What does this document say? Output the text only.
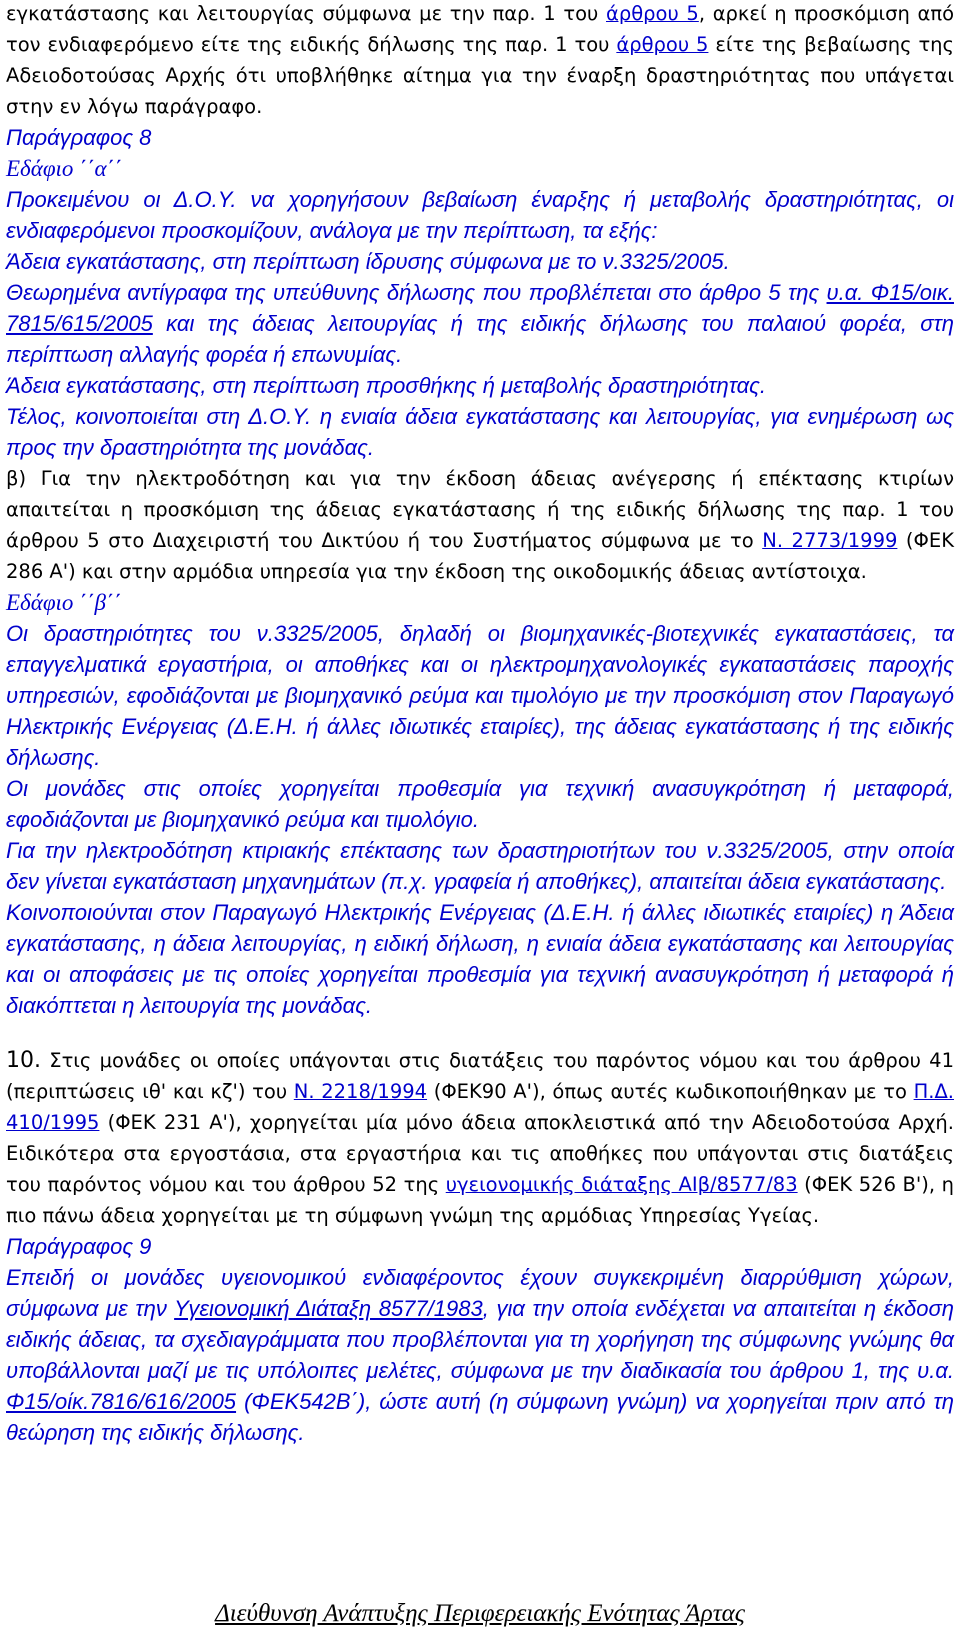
εγκατάστασης και λειτουργίας σύμφωνα με την παρ. 1 του άρθρου 5, αρκεί η προσκόμιση από τον ενδιαφερόμενο είτε της ειδικής δήλωσης της παρ. 1 του άρθρου 5 είτε της βεβαίωσης της Αδειοδοτούσας Αρχής ότι υποβλήθηκε αίτημα για την έναρξη δραστηριότητας που υπάγεται στην εν λόγω παράγραφο.

Παράγραφος 8
Εδάφιο ΄΄α΄΄

Προκειμένου οι Δ.Ο.Υ. να χορηγήσουν βεβαίωση έναρξης ή μεταβολής δραστηριότητας, οι ενδιαφερόμενοι προσκομίζουν, ανάλογα με την περίπτωση, τα εξής:

Άδεια εγκατάστασης, στη περίπτωση ίδρυσης σύμφωνα με το ν.3325/2005.

Θεωρημένα αντίγραφα της υπεύθυνης δήλωσης που προβλέπεται στο άρθρο 5 της υ.α. Φ15/οικ. 7815/615/2005 και της άδειας λειτουργίας ή της ειδικής δήλωσης του παλαιού φορέα, στη περίπτωση αλλαγής φορέα ή επωνυμίας.

Άδεια εγκατάστασης, στη περίπτωση προσθήκης ή μεταβολής δραστηριότητας.

Τέλος, κοινοποιείται στη Δ.Ο.Υ. η ενιαία άδεια εγκατάστασης και λειτουργίας, για ενημέρωση ως προς την δραστηριότητα της μονάδας.

β) Για την ηλεκτροδότηση και για την έκδοση άδειας ανέγερσης ή επέκτασης κτιρίων απαιτείται η προσκόμιση της άδειας εγκατάστασης ή της ειδικής δήλωσης της παρ. 1 του άρθρου 5 στο Διαχειριστή του Δικτύου ή του Συστήματος σύμφωνα με το Ν. 2773/1999 (ΦΕΚ 286 Α') και στην αρμόδια υπηρεσία για την έκδοση της οικοδομικής άδειας αντίστοιχα.

Εδάφιο ΄΄β΄΄

Οι δραστηριότητες του ν.3325/2005, δηλαδή οι βιομηχανικές-βιοτεχνικές εγκαταστάσεις, τα επαγγελματικά εργαστήρια, οι αποθήκες και οι ηλεκτρομηχανολογικές εγκαταστάσεις παροχής υπηρεσιών, εφοδιάζονται με βιομηχανικό ρεύμα και τιμολόγιο με την προσκόμιση στον Παραγωγό Ηλεκτρικής Ενέργειας (Δ.Ε.Η. ή άλλες ιδιωτικές εταιρίες), της άδειας εγκατάστασης ή της ειδικής δήλωσης.

Οι μονάδες στις οποίες χορηγείται προθεσμία για τεχνική ανασυγκρότηση ή μεταφορά, εφοδιάζονται με βιομηχανικό ρεύμα και τιμολόγιο.

Για την ηλεκτροδότηση κτιριακής επέκτασης των δραστηριοτήτων του ν.3325/2005, στην οποία δεν γίνεται εγκατάσταση μηχανημάτων (π.χ. γραφεία ή αποθήκες), απαιτείται άδεια εγκατάστασης.

Κοινοποιούνται στον Παραγωγό Ηλεκτρικής Ενέργειας (Δ.Ε.Η. ή άλλες ιδιωτικές εταιρίες) η Άδεια εγκατάστασης, η άδεια λειτουργίας, η ειδική δήλωση, η ενιαία άδεια εγκατάστασης και λειτουργίας και οι αποφάσεις με τις οποίες χορηγείται προθεσμία για τεχνική ανασυγκρότηση ή μεταφορά ή διακόπτεται η λειτουργία της μονάδας.

10. Στις μονάδες οι οποίες υπάγονται στις διατάξεις του παρόντος νόμου και του άρθρου 41 (περιπτώσεις ιθ' και κζ') του Ν. 2218/1994 (ΦΕΚ90 Α'), όπως αυτές κωδικοποιήθηκαν με το Π.Δ. 410/1995 (ΦΕΚ 231 Α'), χορηγείται μία μόνο άδεια αποκλειστικά από την Αδειοδοτούσα Αρχή. Ειδικότερα στα εργοστάσια, στα εργαστήρια και τις αποθήκες που υπάγονται στις διατάξεις του παρόντος νόμου και του άρθρου 52 της υγειονομικής διάταξης ΑΙβ/8577/83 (ΦΕΚ 526 Β'), η πιο πάνω άδεια χορηγείται με τη σύμφωνη γνώμη της αρμόδιας Υπηρεσίας Υγείας.

Παράγραφος 9

Επειδή οι μονάδες υγειονομικού ενδιαφέροντος έχουν συγκεκριμένη διαρρύθμιση χώρων, σύμφωνα με την Υγειονομική Διάταξη 8577/1983, για την οποία ενδέχεται να απαιτείται η έκδοση ειδικής άδειας, τα σχεδιαγράμματα που προβλέπονται για τη χορήγηση της σύμφωνης γνώμης θα υποβάλλονται μαζί με τις υπόλοιπες μελέτες, σύμφωνα με την διαδικασία του άρθρου 1, της υ.α. Φ15/οίκ.7816/616/2005 (ΦΕΚ542Β΄), ώστε αυτή (η σύμφωνη γνώμη) να χορηγείται πριν από τη θεώρηση της ειδικής δήλωσης.

Διεύθυνση Ανάπτυξης Περιφερειακής Ενότητας Άρτας
